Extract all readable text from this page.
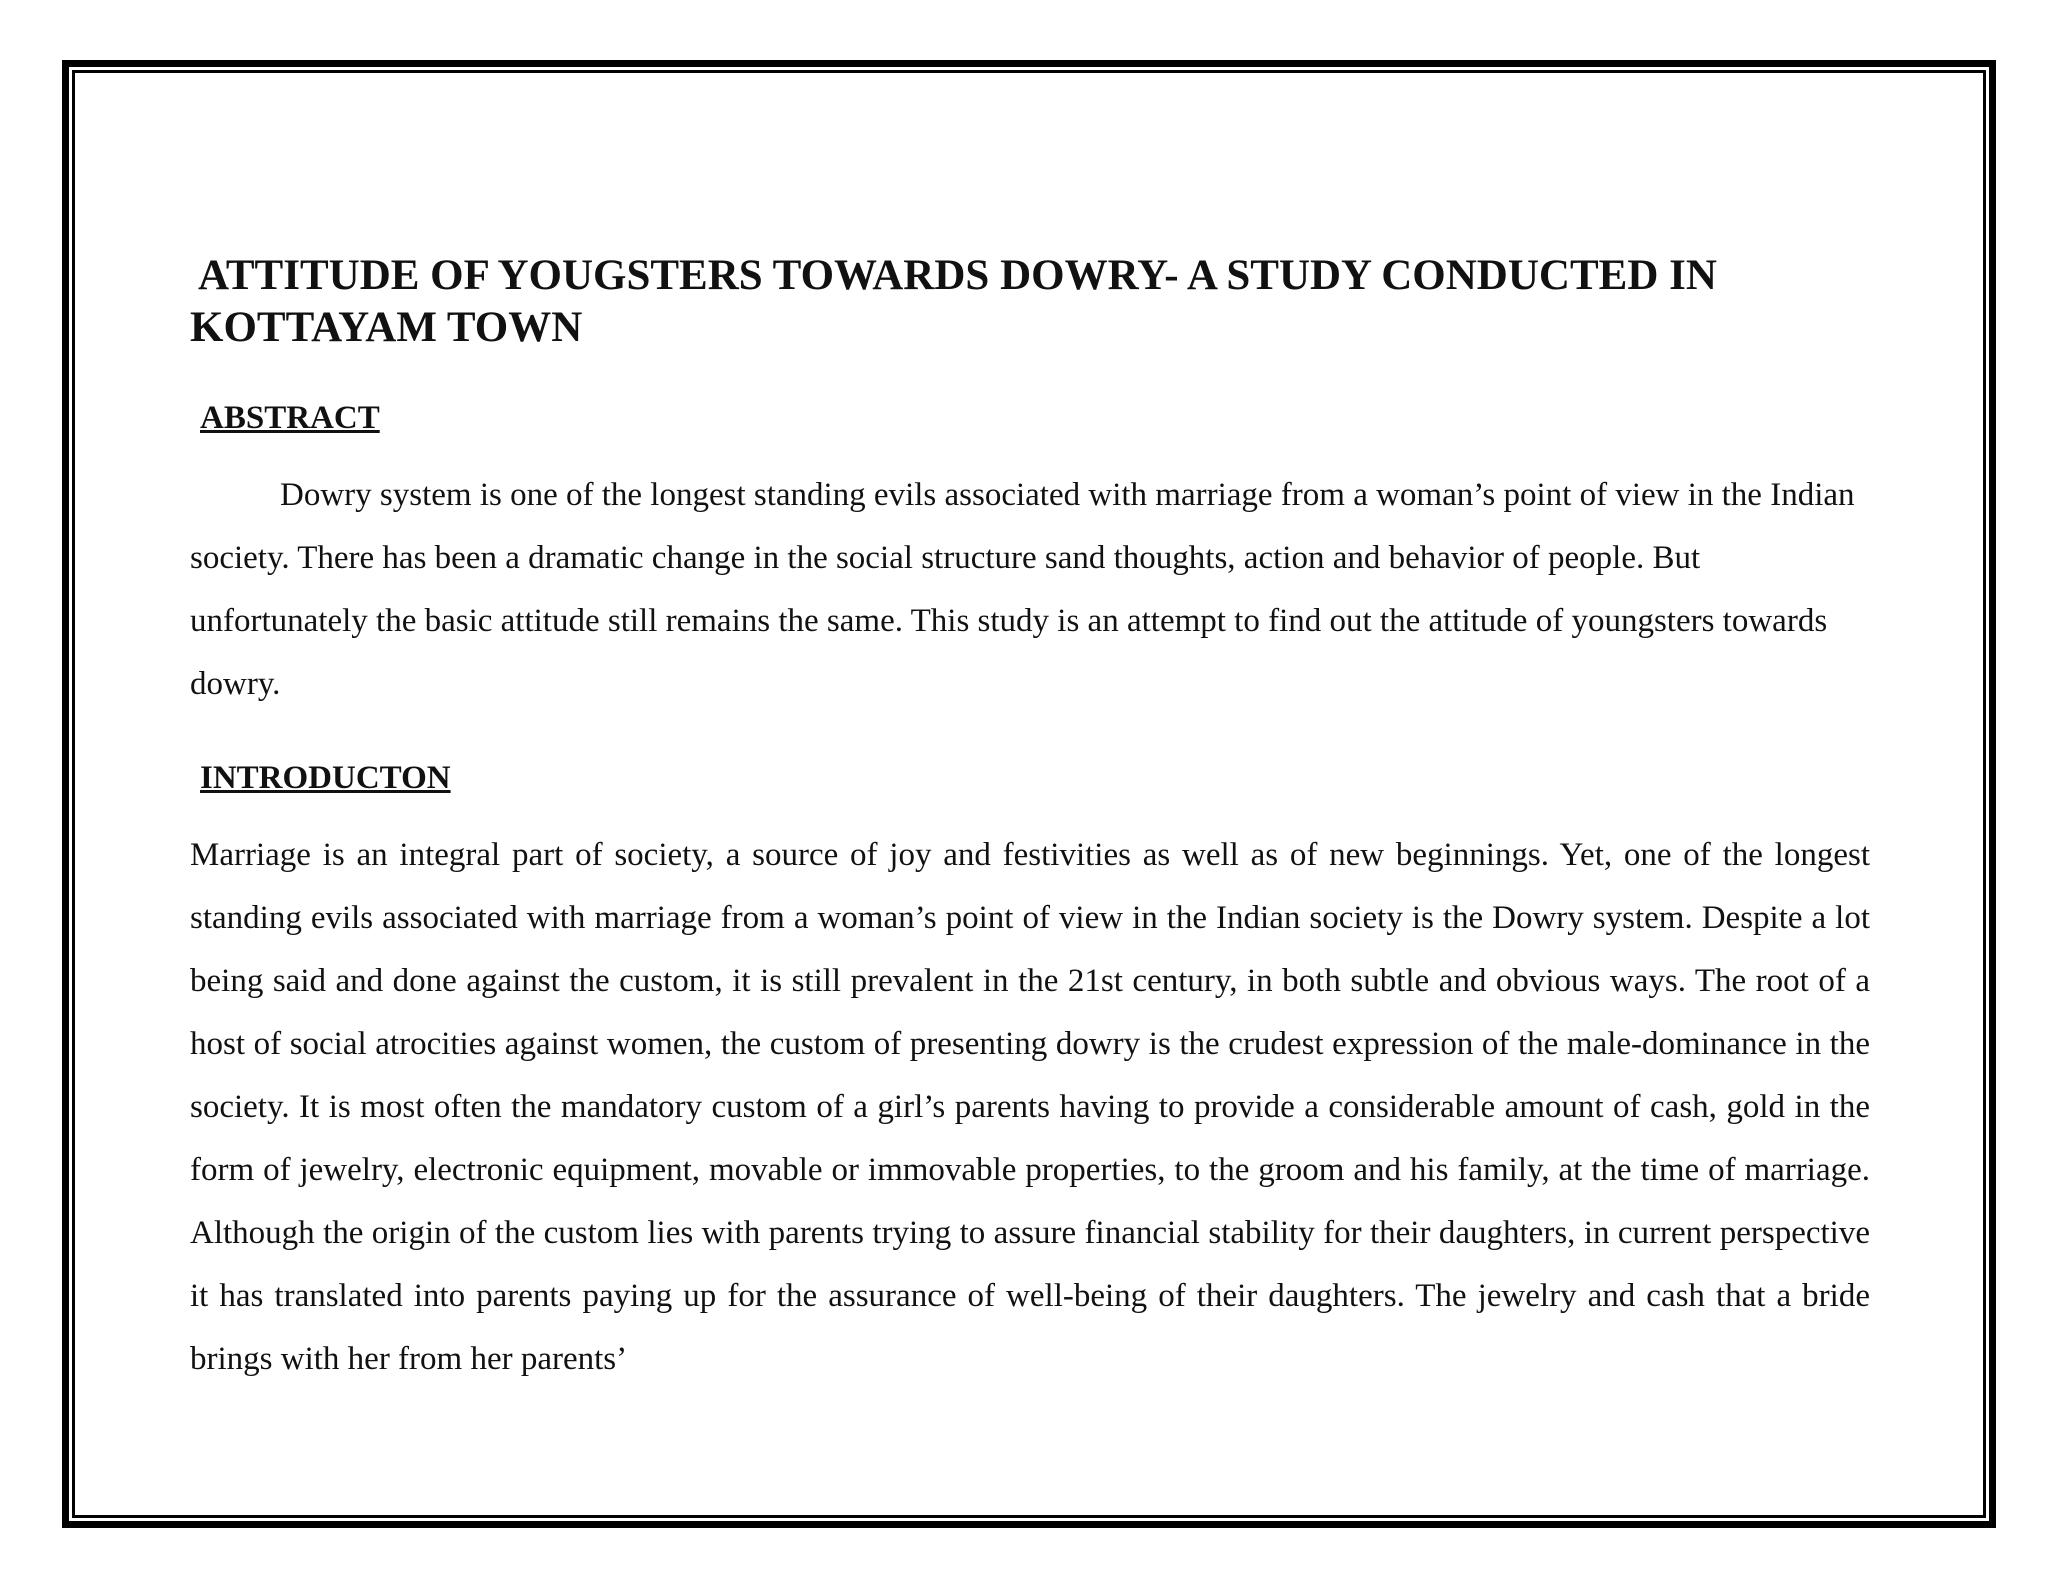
ATTITUDE OF YOUGSTERS TOWARDS DOWRY- A STUDY CONDUCTED IN KOTTAYAM TOWN
ABSTRACT

Dowry system is one of the longest standing evils associated with marriage from a woman’s point of view in the Indian society. There has been a dramatic change in the social structure sand thoughts, action and behavior of people. But unfortunately the basic attitude still remains the same. This study is an attempt to find out the attitude of youngsters towards dowry.

INTRODUCTON

Marriage is an integral part of society, a source of joy and festivities as well as of new beginnings. Yet, one of the longest standing evils associated with marriage from a woman’s point of view in the Indian society is the Dowry system. Despite a lot being said and done against the custom, it is still prevalent in the 21st century, in both subtle and obvious ways. The root of a host of social atrocities against women, the custom of presenting dowry is the crudest expression of the male-dominance in the society. It is most often the mandatory custom of a girl’s parents having to provide a considerable amount of cash, gold in the form of jewelry, electronic equipment, movable or immovable properties, to the groom and his family, at the time of marriage. Although the origin of the custom lies with parents trying to assure financial stability for their daughters, in current perspective it has translated into parents paying up for the assurance of well-being of their daughters. The jewelry and cash that a bride brings with her from her parents’
